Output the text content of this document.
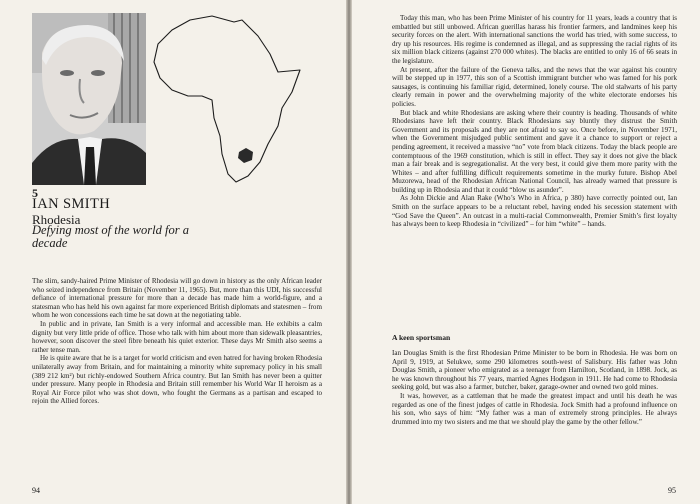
5
IAN SMITH
Rhodesia
Defying most of the world for a decade

The slim, sandy-haired Prime Minister of Rhodesia will go down in history as the only African leader who seized independence from Britain (November 11, 1965). But, more than this UDI, his successful defiance of international pressure for more than a decade has made him a world-figure, and a statesman who has held his own against far more experienced British diplomats and statesmen – from whom he won concessions each time he sat down at the negotiating table.

In public and in private, Ian Smith is a very informal and accessible man. He exhibits a calm dignity but very little pride of office. Those who talk with him about more than sidewalk pleasantries, however, soon discover the steel fibre beneath his quiet exterior. These days Mr Smith also seems a rather tense man.

He is quite aware that he is a target for world criticism and even hatred for having broken Rhodesia unilaterally away from Britain, and for maintaining a minority white supremacy policy in his small (389 212 km²) but richly-endowed Southern Africa country. But Ian Smith has never been a quitter under pressure. Many people in Rhodesia and Britain still remember his World War II heroism as a Royal Air Force pilot who was shot down, who fought the Germans as a partisan and escaped to rejoin the Allied forces.

94

Today this man, who has been Prime Minister of his country for 11 years, leads a country that is embattled but still unbowed. African guerillas harass his frontier farmers, and landmines keep his security forces on the alert. With international sanctions the world has tried, with some success, to dry up his resources. His regime is condemned as illegal, and as suppressing the racial rights of its six million black citizens (against 270 000 whites). The blacks are entitled to only 16 of 66 seats in the legislature.

At present, after the failure of the Geneva talks, and the news that the war against his country will be stepped up in 1977, this son of a Scottish immigrant butcher who was famed for his pork sausages, is continuing his familiar rigid, determined, lonely course. The old stalwarts of his party clearly remain in power and the overwhelming majority of the white electorate endorses his policies.

But black and white Rhodesians are asking where their country is heading. Thousands of white Rhodesians have left their country. Black Rhodesians say bluntly they distrust the Smith Government and its proposals and they are not afraid to say so. Once before, in November 1971, when the Government misjudged public sentiment and gave it a chance to support or reject a pending agreement, it received a massive “no” vote from black citizens. Today the black people are contemptuous of the 1969 constitution, which is still in effect. They say it does not give the black man a fair break and is segregationalist. At the very best, it could give them more parity with the Whites – and after fulfilling difficult requirements sometime in the murky future. Bishop Abel Muzorewa, head of the Rhodesian African National Council, has already warned that pressure is building up in Rhodesia and that it could “blow us asunder”.

As John Dickie and Alan Rake (Who’s Who in Africa, p 380) have correctly pointed out, Ian Smith on the surface appears to be a reluctant rebel, having ended his secession statement with “God Save the Queen”. An outcast in a multi-racial Commonwealth, Premier Smith’s first loyalty has always been to keep Rhodesia in “civilized” – for him “white” – hands.

A keen sportsman

Ian Douglas Smith is the first Rhodesian Prime Minister to be born in Rhodesia. He was born on April 9, 1919, at Selukwe, some 290 kilometres south-west of Salisbury. His father was John Douglas Smith, a pioneer who emigrated as a teenager from Hamilton, Scotland, in 1898. Jock, as he was known throughout his 77 years, married Agnes Hodgson in 1911. He had come to Rhodesia seeking gold, but was also a farmer, butcher, baker, garage-owner and owned two gold mines.

It was, however, as a cattleman that he made the greatest impact and until his death he was regarded as one of the finest judges of cattle in Rhodesia. Jock Smith had a profound influence on his son, who says of him: “My father was a man of extremely strong principles. He always drummed into my two sisters and me that we should play the game by the other fellow.”

95
